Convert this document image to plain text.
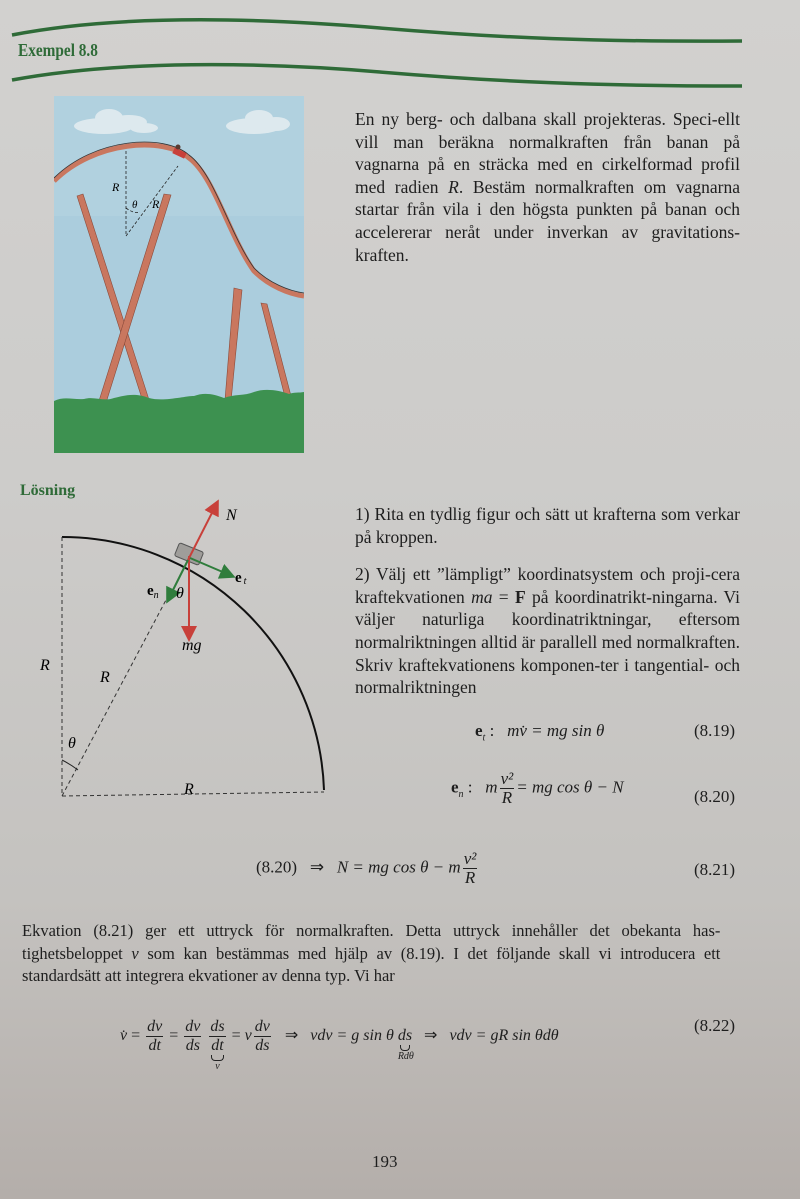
Exempel 8.8
R
θ R
En ny berg- och dalbana skall projekteras. Speci-ellt vill man beräkna normalkraften från banan på vagnarna på en sträcka med en cirkelformad profil med radien R. Bestäm normalkraften om vagnarna startar från vila i den högsta punkten på banan och accelererar neråt under inverkan av gravitations-kraften.
Lösning
N
et
$e_n$ θ
mg
R
R
θ
R

1) Rita en tydlig figur och sätt ut krafterna som verkar på kroppen.

2) Välj ett ”lämpligt” koordinatsystem och proji-cera kraftekvationen ma = F på koordinatrikt-ningarna. Vi väljer naturliga koordinatriktningar, eftersom normalriktningen alltid är parallell med normalkraften. Skriv kraftekvationens komponen-ter i tangential- och normalriktningen

$e_t$ : mv̇ = mg sin θ	(8.19)
$e_n$ : m $\frac{\text{v²}}{R}$ = mg cos θ − N
(8.20)
(8.20) ⇒ N = mg cos θ − m $\frac{\text{v²}}{R}$	(8.21)
Ekvation (8.21) ger ett uttryck för normalkraften. Detta uttryck innehåller det obekanta has-tighetsbeloppet v som kan bestämmas med hjälp av (8.19). I det följande skall vi introducera ett standardsätt att integrera ekvationer av denna typ. Vi har
v̇ = $\frac{dv}{dt} = \frac{dv}{ds}$
ds
dt
v = v $\frac{dv}{ds}$ ⇒ vdv = g sin θ ds
Rdθ
⇒ vdv = gR sin θdθ
(8.22)
193
